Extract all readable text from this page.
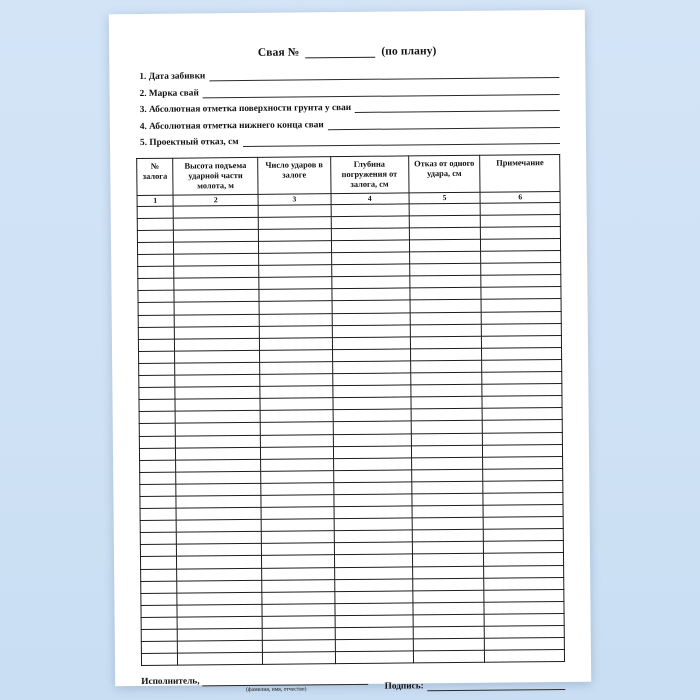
Свая №	(по плану)
1. Дата забивки
2. Марка свай
3. Абсолютная отметка поверхности грунта у сваи
4. Абсолютная отметка нижнего конца сваи
5. Проектный отказ, см
№ залога	Высота подъема ударной части молота, м	Число ударов в залоге	Глубина погружения от залога, см	Отказ от одного удара, см	Примечание
1	2	3	4	5	6

Исполнитель,
(фамилия, имя, отчество)	Подпись:
